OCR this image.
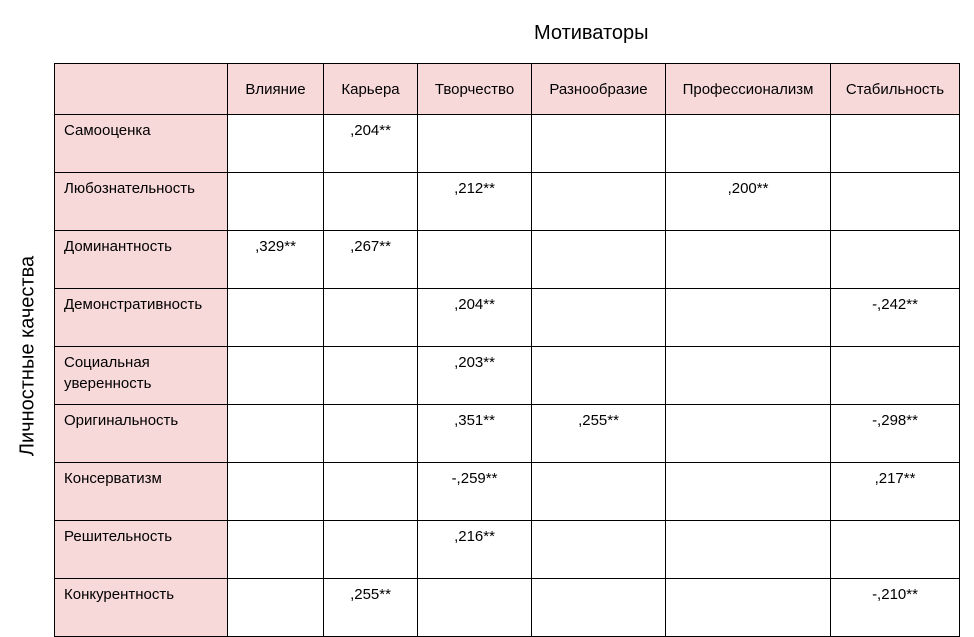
Мотиваторы
Личностные качества
	Влияние	Карьера	Творчество	Разнообразие	Профессионализм	Стабильность
Самооценка		,204**				
Любознательность			,212**		,200**	
Доминантность	,329**	,267**				
Демонстративность			,204**			-,242**
Социальная уверенность			,203**			
Оригинальность			,351**	,255**		-,298**
Консерватизм			-,259**			,217**
Решительность			,216**			
Конкурентность		,255**				-,210**
